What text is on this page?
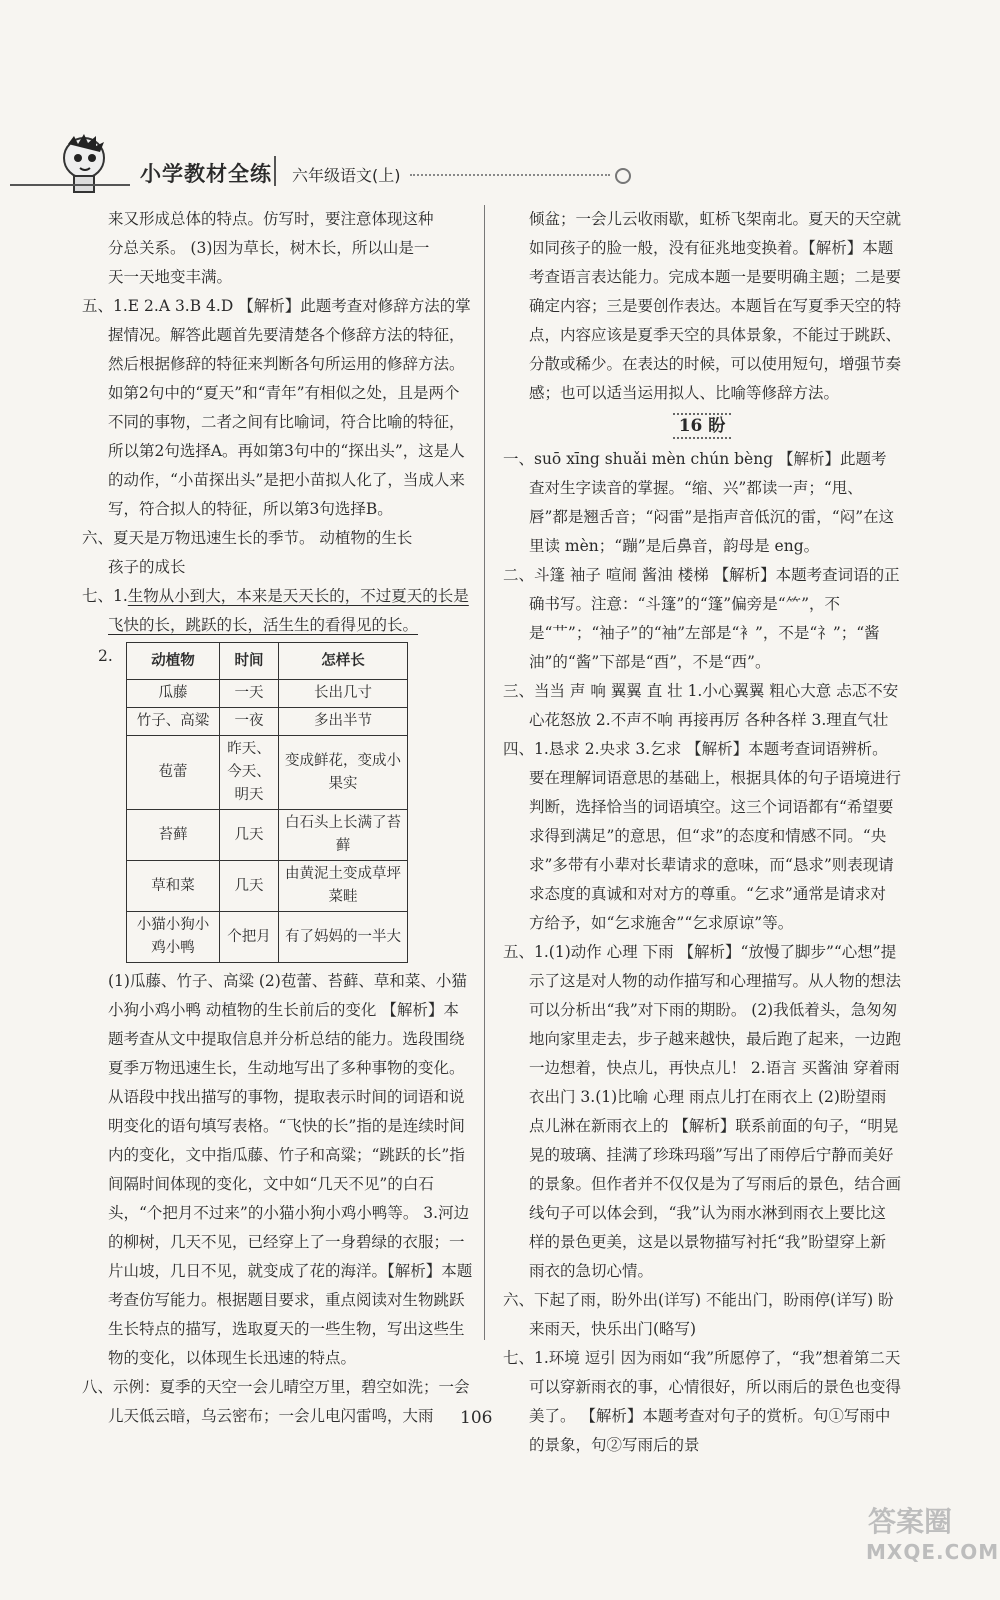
小学教材全练 六年级语文(上)

来又形成总体的特点。仿写时，要注意体现这种

分总关系。 (3)因为草长，树木长，所以山是一

天一天地变丰满。

五、1.E 2.A 3.B 4.D 【解析】此题考查对修辞方法的掌握情况。解答此题首先要清楚各个修辞方法的特征，然后根据修辞的特征来判断各句所运用的修辞方法。如第2句中的“夏天”和“青年”有相似之处，且是两个不同的事物，二者之间有比喻词，符合比喻的特征，所以第2句选择A。再如第3句中的“探出头”，这是人的动作，“小苗探出头”是把小苗拟人化了，当成人来写，符合拟人的特征，所以第3句选择B。

六、夏天是万物迅速生长的季节。 动植物的生长

孩子的成长

七、1.生物从小到大，本来是天天长的，不过夏天的长是飞快的长，跳跃的长，活生生的看得见的长。

2.	动植物	时间	怎样长
瓜藤	一天	长出几寸
竹子、高粱	一夜	多出半节
苞蕾	昨天、今天、明天	变成鲜花，变成小果实
苔藓	几天	白石头上长满了苔藓
草和菜	几天	由黄泥土变成草坪菜畦
小猫小狗小鸡小鸭	个把月	有了妈妈的一半大

(1)瓜藤、竹子、高粱 (2)苞蕾、苔藓、草和菜、小猫小狗小鸡小鸭 动植物的生长前后的变化 【解析】本题考查从文中提取信息并分析总结的能力。选段围绕夏季万物迅速生长，生动地写出了多种事物的变化。从语段中找出描写的事物，提取表示时间的词语和说明变化的语句填写表格。“飞快的长”指的是连续时间内的变化，文中指瓜藤、竹子和高粱；“跳跃的长”指间隔时间体现的变化，文中如“几天不见”的白石头，“个把月不过来”的小猫小狗小鸡小鸭等。 3.河边的柳树，几天不见，已经穿上了一身碧绿的衣服；一片山坡，几日不见，就变成了花的海洋。【解析】本题考查仿写能力。根据题目要求，重点阅读对生物跳跃生长特点的描写，选取夏天的一些生物，写出这些生物的变化，以体现生长迅速的特点。

八、示例：夏季的天空一会儿晴空万里，碧空如洗；一会儿天低云暗，乌云密布；一会儿电闪雷鸣，大雨

倾盆；一会儿云收雨歇，虹桥飞架南北。夏天的天空就如同孩子的脸一般，没有征兆地变换着。【解析】本题考查语言表达能力。完成本题一是要明确主题；二是要确定内容；三是要创作表达。本题旨在写夏季天空的特点，内容应该是夏季天空的具体景象，不能过于跳跃、分散或稀少。在表达的时候，可以使用短句，增强节奏感；也可以适当运用拟人、比喻等修辞方法。

16 盼

一、suō xīng shuǎi mèn chún bèng 【解析】此题考查对生字读音的掌握。“缩、兴”都读一声；“甩、唇”都是翘舌音；“闷雷”是指声音低沉的雷，“闷”在这里读 mèn；“蹦”是后鼻音，韵母是 eng。

二、斗篷 袖子 喧闹 酱油 楼梯 【解析】本题考查词语的正确书写。注意：“斗篷”的“篷”偏旁是“⺮”，不是“艹”；“袖子”的“袖”左部是“衤”，不是“礻”；“酱油”的“酱”下部是“酉”，不是“西”。

三、当当 声 响 翼翼 直 壮 1.小心翼翼 粗心大意 忐忑不安 心花怒放 2.不声不响 再接再厉 各种各样 3.理直气壮

四、1.恳求 2.央求 3.乞求 【解析】本题考查词语辨析。要在理解词语意思的基础上，根据具体的句子语境进行判断，选择恰当的词语填空。这三个词语都有“希望要求得到满足”的意思，但“求”的态度和情感不同。“央求”多带有小辈对长辈请求的意味，而“恳求”则表现请求态度的真诚和对对方的尊重。“乞求”通常是请求对方给予，如“乞求施舍”“乞求原谅”等。

五、1.(1)动作 心理 下雨 【解析】“放慢了脚步”“心想”提示了这是对人物的动作描写和心理描写。从人物的想法可以分析出“我”对下雨的期盼。 (2)我低着头，急匆匆地向家里走去，步子越来越快，最后跑了起来，一边跑一边想着，快点儿，再快点儿！ 2.语言 买酱油 穿着雨衣出门 3.(1)比喻 心理 雨点儿打在雨衣上 (2)盼望雨点儿淋在新雨衣上的 【解析】联系前面的句子，“明晃晃的玻璃、挂满了珍珠玛瑙”写出了雨停后宁静而美好的景象。但作者并不仅仅是为了写雨后的景色，结合画线句子可以体会到，“我”认为雨水淋到雨衣上要比这样的景色更美，这是以景物描写衬托“我”盼望穿上新雨衣的急切心情。

六、下起了雨，盼外出(详写) 不能出门，盼雨停(详写) 盼来雨天，快乐出门(略写)

七、1.环境 逗引 因为雨如“我”所愿停了，“我”想着第二天可以穿新雨衣的事，心情很好，所以雨后的景色也变得美了。 【解析】本题考查对句子的赏析。句①写雨中的景象，句②写雨后的景

106
答案圈
MXQE.COM
